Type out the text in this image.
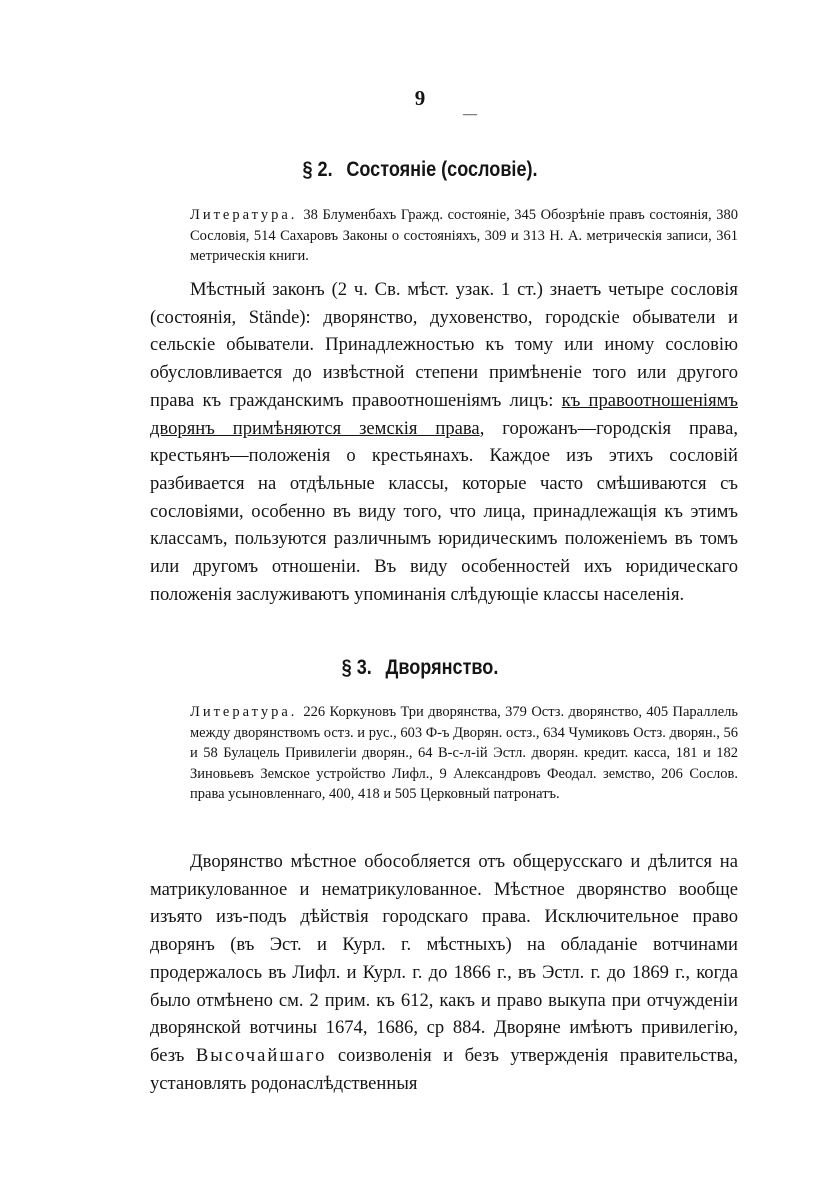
9
—
§ 2. Состояніе (сословіе).

Литература. 38 Блуменбахъ Гражд. состояніе, 345 Обозрѣніе правъ состоянія, 380 Сословія, 514 Сахаровъ Законы о состояніяхъ, 309 и 313 Н. А. метрическія записи, 361 метрическія книги.

Мѣстный законъ (2 ч. Св. мѣст. узак. 1 ст.) знаетъ четыре сословія (состоянія, Stände): дворянство, духовенство, городскіе обыватели и сельскіе обыватели. Принадлежностью къ тому или иному сословію обусловливается до извѣстной степени примѣненіе того или другого права къ гражданскимъ правоотношеніямъ лицъ: къ правоотношеніямъ дворянъ примѣняются земскія права, горожанъ—городскія права, крестьянъ—положенія о крестьянахъ. Каждое изъ этихъ сословій разбивается на отдѣльные классы, которые часто смѣшиваются съ сословіями, особенно въ виду того, что лица, принадлежащія къ этимъ классамъ, пользуются различнымъ юридическимъ положеніемъ въ томъ или другомъ отношеніи. Въ виду особенностей ихъ юридическаго положенія заслуживаютъ упоминанія слѣдующіе классы населенія.

§ 3. Дворянство.

Литература. 226 Коркуновъ Три дворянства, 379 Остз. дворянство, 405 Параллель между дворянствомъ остз. и рус., 603 Ф-ъ Дворян. остз., 634 Чумиковъ Остз. дворян., 56 и 58 Булацель Привилегіи дворян., 64 В-с-л-ій Эстл. дворян. кредит. касса, 181 и 182 Зиновьевъ Земское устройство Лифл., 9 Александровъ Феодал. земство, 206 Сослов. права усыновленнаго, 400, 418 и 505 Церковный патронатъ.

Дворянство мѣстное обособляется отъ общерусскаго и дѣлится на матрикулованное и нематрикулованное. Мѣстное дворянство вообще изъято изъ-подъ дѣйствія городскаго права. Исключительное право дворянъ (въ Эст. и Курл. г. мѣстныхъ) на обладаніе вотчинами продержалось въ Лифл. и Курл. г. до 1866 г., въ Эстл. г. до 1869 г., когда было отмѣнено см. 2 прим. къ 612, какъ и право выкупа при отчужденіи дворянской вотчины 1674, 1686, ср 884. Дворяне имѣютъ привилегію, безъ Высочайшаго соизволенія и безъ утвержденія правительства, установлять родонаслѣдственныя
